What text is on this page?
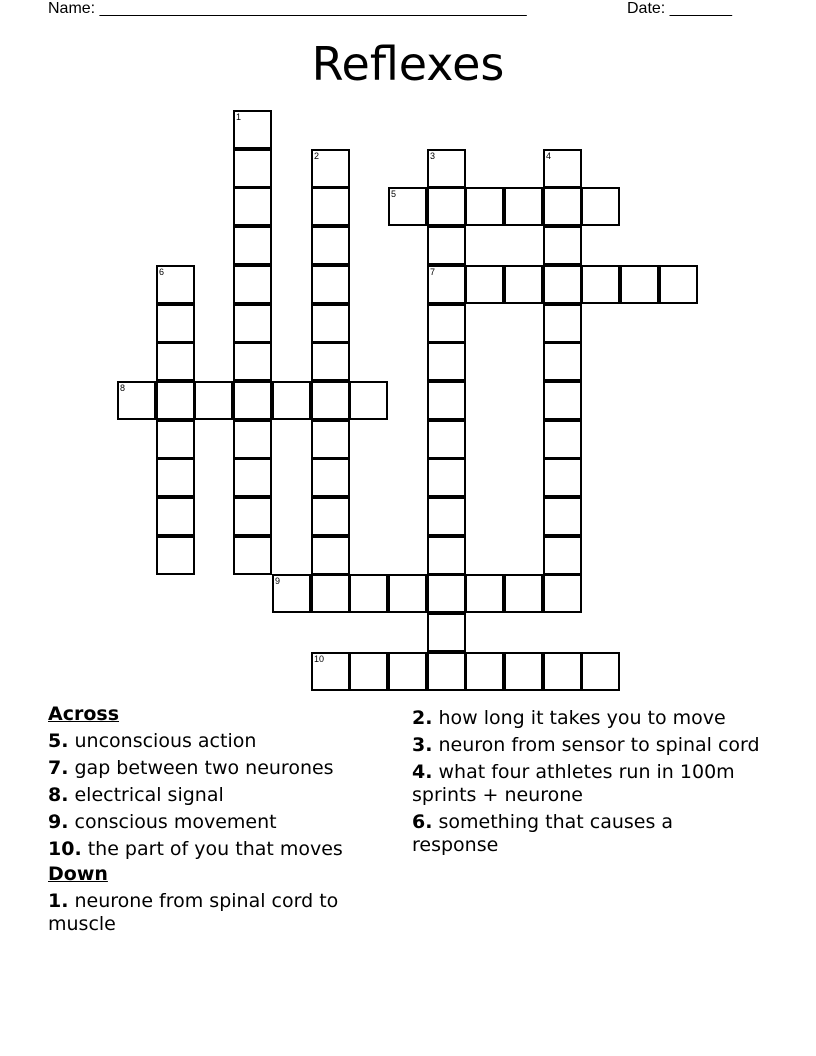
Name: ________________________________________________	Date: _______
Reflexes
1
2	3
7
4
5
6
8
9
10
Across
5. unconscious action
7. gap between two neurones
8. electrical signal
9. conscious movement
10. the part of you that moves
Down
1. neurone from spinal cord to muscle
2. how long it takes you to move
3. neuron from sensor to spinal cord
4. what four athletes run in 100m sprints + neurone
6. something that causes a response
